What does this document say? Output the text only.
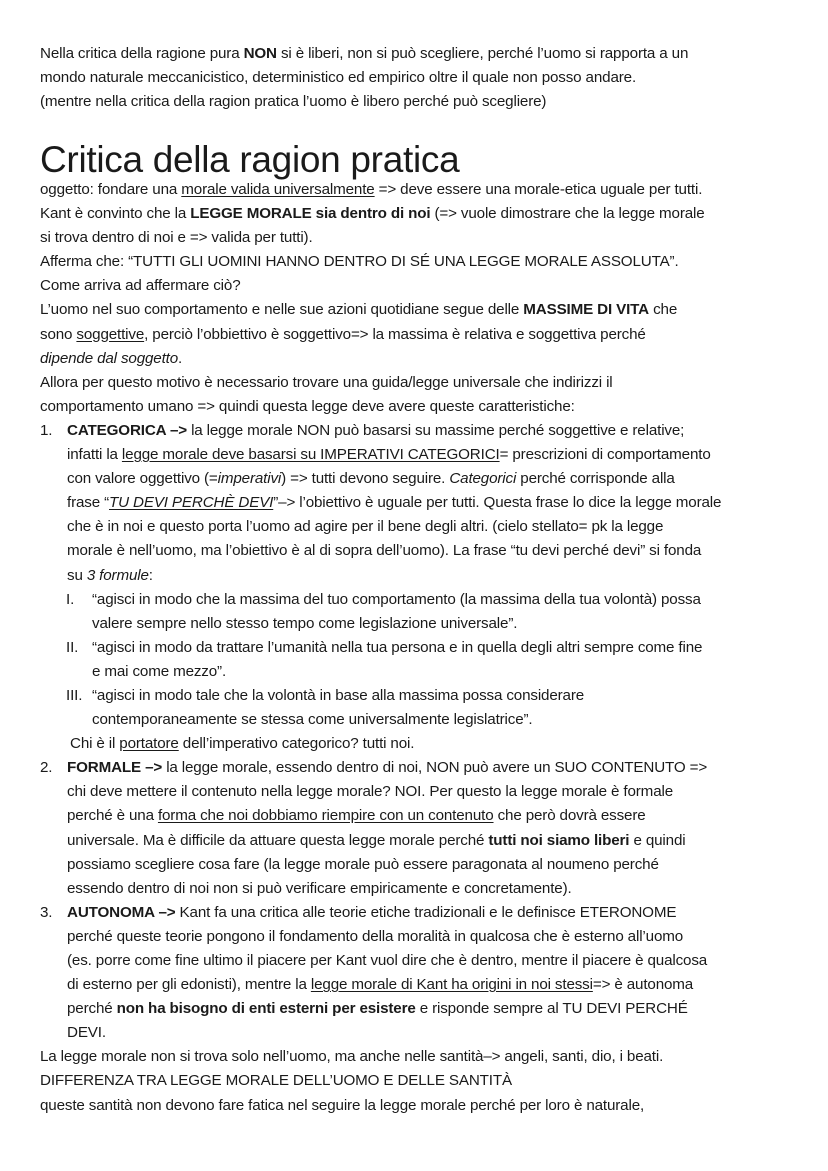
Nella critica della ragione pura NON si è liberi, non si può scegliere, perché l’uomo si rapporta a un
mondo naturale meccanicistico, deterministico ed empirico oltre il quale non posso andare.
(mentre nella critica della ragion pratica l’uomo è libero perché può scegliere)
Critica della ragion pratica
oggetto: fondare una morale valida universalmente => deve essere una morale-etica uguale per tutti.
Kant è convinto che la LEGGE MORALE sia dentro di noi (=> vuole dimostrare che la legge morale
si trova dentro di noi e => valida per tutti).
Afferma che: “TUTTI GLI UOMINI HANNO DENTRO DI SÉ UNA LEGGE MORALE ASSOLUTA”.
Come arriva ad affermare ciò?
L’uomo nel suo comportamento e nelle sue azioni quotidiane segue delle MASSIME DI VITA che
sono soggettive, perciò l’obbiettivo è soggettivo=> la massima è relativa e soggettiva perché
dipende dal soggetto.
Allora per questo motivo è necessario trovare una guida/legge universale che indirizzi il
comportamento umano => quindi questa legge deve avere queste caratteristiche:
1. CATEGORICA –> la legge morale NON può basarsi su massime perché soggettive e relative;
infatti la legge morale deve basarsi su IMPERATIVI CATEGORICI= prescrizioni di comportamento
con valore oggettivo (=imperativi) => tutti devono seguire. Categorici perché corrisponde alla
frase “TU DEVI PERCHÈ DEVI”–> l’obiettivo è uguale per tutti. Questa frase lo dice la legge morale
che è in noi e questo porta l’uomo ad agire per il bene degli altri. (cielo stellato= pk la legge
morale è nell’uomo, ma l’obiettivo è al di sopra dell’uomo). La frase “tu devi perché devi” si fonda
su 3 formule:
I. “agisci in modo che la massima del tuo comportamento (la massima della tua volontà) possa
valere sempre nello stesso tempo come legislazione universale”.
II. “agisci in modo da trattare l’umanità nella tua persona e in quella degli altri sempre come fine
e mai come mezzo”.
III. “agisci in modo tale che la volontà in base alla massima possa considerare
contemporaneamente se stessa come universalmente legislatrice”.
Chi è il portatore dell’imperativo categorico? tutti noi.
2. FORMALE –> la legge morale, essendo dentro di noi, NON può avere un SUO CONTENUTO =>
chi deve mettere il contenuto nella legge morale? NOI. Per questo la legge morale è formale
perché è una forma che noi dobbiamo riempire con un contenuto che però dovrà essere
universale. Ma è difficile da attuare questa legge morale perché tutti noi siamo liberi e quindi
possiamo scegliere cosa fare (la legge morale può essere paragonata al noumeno perché
essendo dentro di noi non si può verificare empiricamente e concretamente).
3. AUTONOMA –> Kant fa una critica alle teorie etiche tradizionali e le definisce ETERONOME
perché queste teorie pongono il fondamento della moralità in qualcosa che è esterno all’uomo
(es. porre come fine ultimo il piacere per Kant vuol dire che è dentro, mentre il piacere è qualcosa
di esterno per gli edonisti), mentre la legge morale di Kant ha origini in noi stessi=> è autonoma
perché non ha bisogno di enti esterni per esistere e risponde sempre al TU DEVI PERCHÉ
DEVI.
La legge morale non si trova solo nell’uomo, ma anche nelle santità–> angeli, santi, dio, i beati.
DIFFERENZA TRA LEGGE MORALE DELL’UOMO E DELLE SANTITÀ
queste santità non devono fare fatica nel seguire la legge morale perché per loro è naturale,
